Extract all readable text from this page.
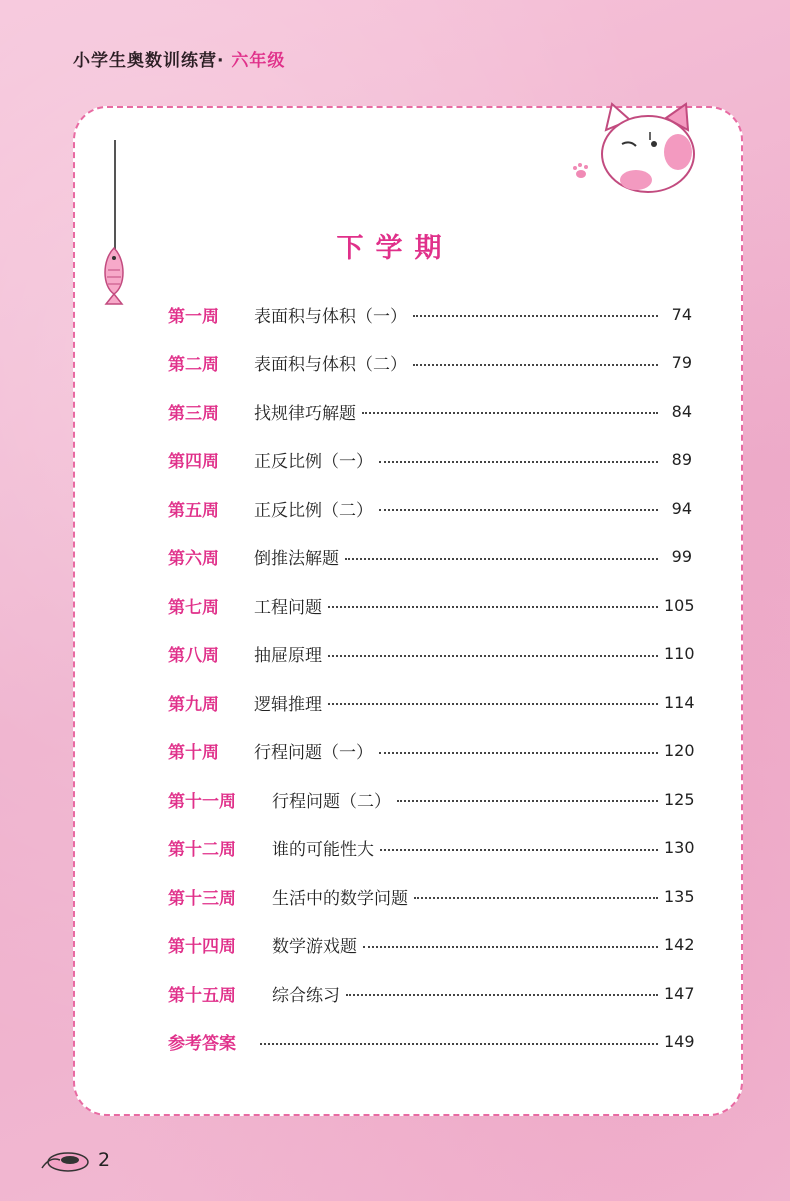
小学生奥数训练营· 六年级
下学期
第一周	表面积与体积（一）	74
第二周	表面积与体积（二）	79
第三周	找规律巧解题	84
第四周	正反比例（一）	89
第五周	正反比例（二）	94
第六周	倒推法解题	99
第七周	工程问题	105
第八周	抽屉原理	110
第九周	逻辑推理	114
第十周	行程问题（一）	120
第十一周	行程问题（二）	125
第十二周	谁的可能性大	130
第十三周	生活中的数学问题	135
第十四周	数学游戏题	142
第十五周	综合练习	147
参考答案	149
2
